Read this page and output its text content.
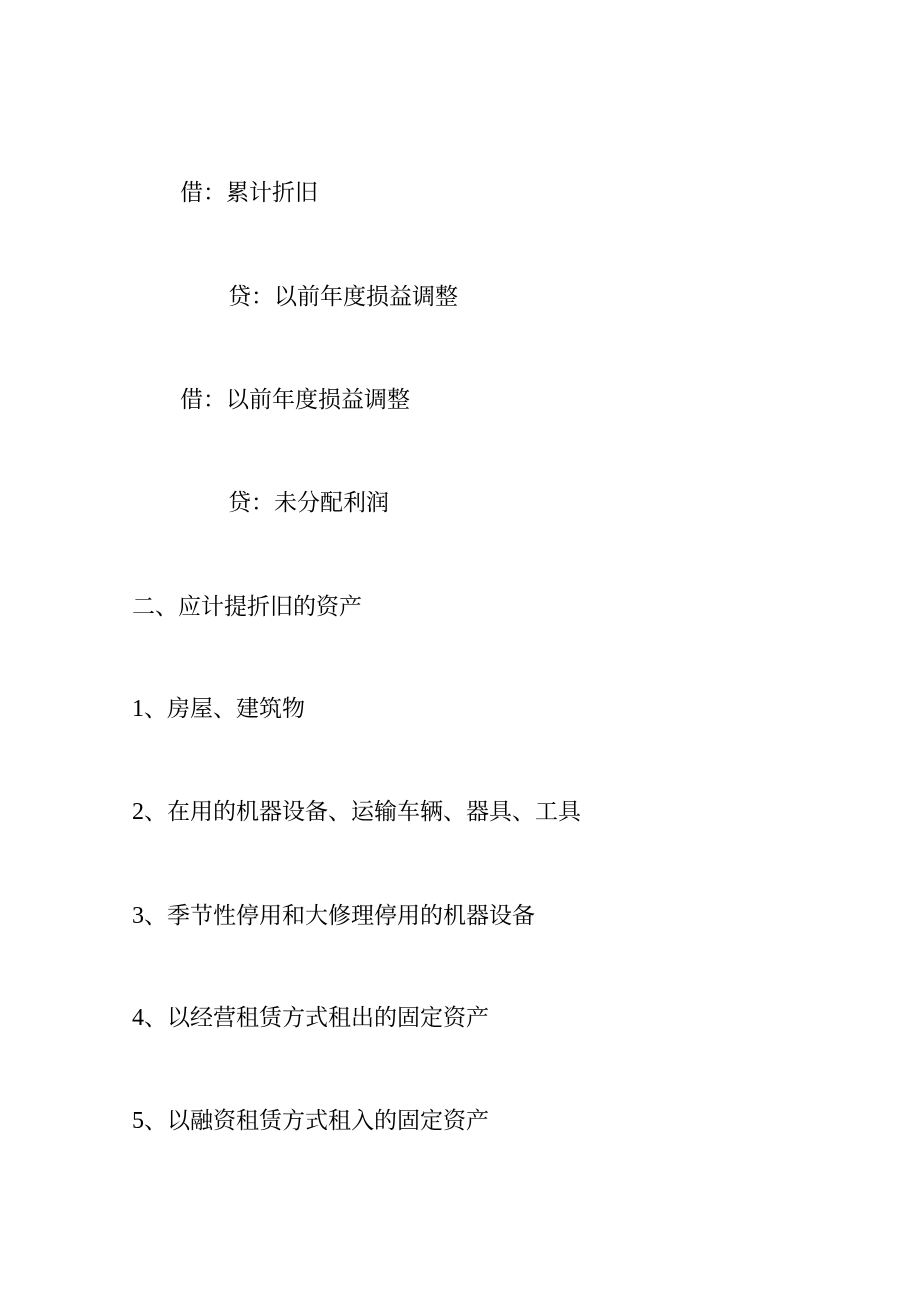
借：累计折旧
贷：以前年度损益调整
借：以前年度损益调整
贷：未分配利润
二、应计提折旧的资产
1、房屋、建筑物
2、在用的机器设备、运输车辆、器具、工具
3、季节性停用和大修理停用的机器设备
4、以经营租赁方式租出的固定资产
5、以融资租赁方式租入的固定资产
